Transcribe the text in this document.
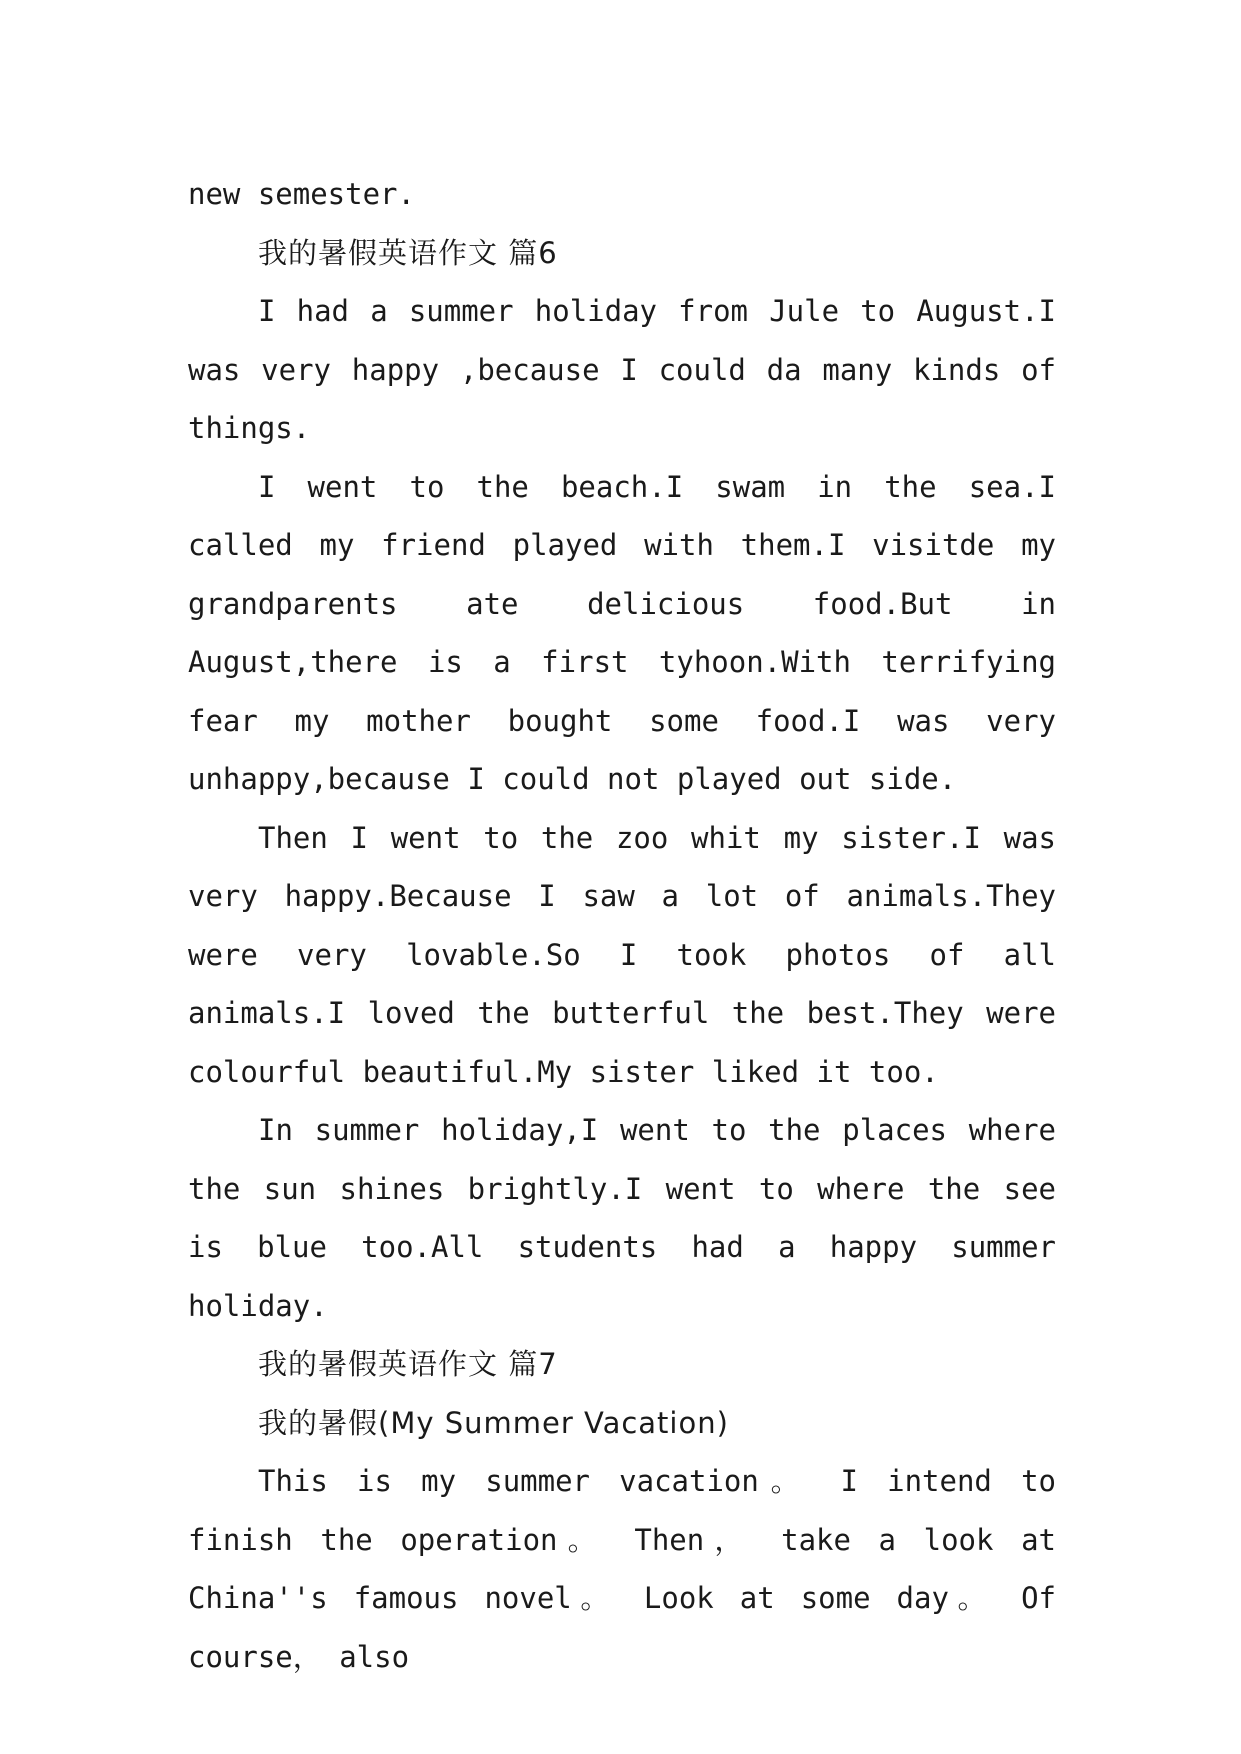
new semester.

我的暑假英语作文 篇6

I had a summer holiday from Jule to August.I was very happy ,because I could da many kinds of things.

I went to the beach.I swam in the sea.I called my friend played with them.I visitde my grandparents ate delicious food.But in August,there is a first tyhoon.With terrifying fear my mother bought some food.I was very unhappy,because I could not played out side.

Then I went to the zoo whit my sister.I was very happy.Because I saw a lot of animals.They were very lovable.So I took photos of all animals.I loved the butterful the best.They were colourful beautiful.My sister liked it too.

In summer holiday,I went to the places where the sun shines brightly.I went to where the see is blue too.All students had a happy summer holiday.

我的暑假英语作文 篇7

我的暑假(My Summer Vacation)

This is my summer vacation。 I intend to finish the operation。 Then， take a look at China''s famous novel。 Look at some day。 Of course， also
